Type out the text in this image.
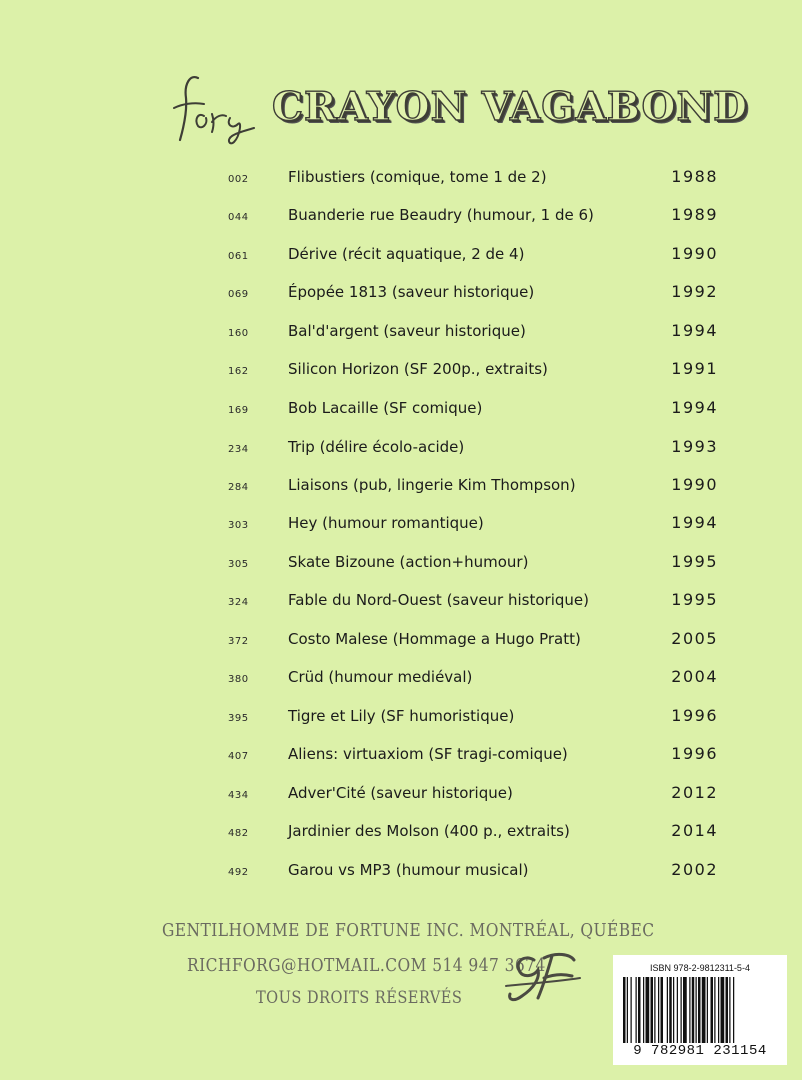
CRAYON VAGABOND
002	Flibustiers (comique, tome 1 de 2)	1988
044	Buanderie rue Beaudry (humour, 1 de 6)	1989
061	Dérive (récit aquatique, 2 de 4)	1990
069	Épopée 1813 (saveur historique)	1992
160	Bal'd'argent (saveur historique)	1994
162	Silicon Horizon (SF 200p., extraits)	1991
169	Bob Lacaille (SF comique)	1994
234	Trip (délire écolo-acide)	1993
284	Liaisons (pub, lingerie Kim Thompson)	1990
303	Hey (humour romantique)	1994
305	Skate Bizoune (action+humour)	1995
324	Fable du Nord-Ouest (saveur historique)	1995
372	Costo Malese (Hommage a Hugo Pratt)	2005
380	Crüd (humour mediéval)	2004
395	Tigre et Lily (SF humoristique)	1996
407	Aliens: virtuaxiom (SF tragi-comique)	1996
434	Adver'Cité (saveur historique)	2012
482	Jardinier des Molson (400 p., extraits)	2014
492	Garou vs MP3 (humour musical)	2002
GENTILHOMME DE FORTUNE INC. MONTRÉAL, QUÉBEC
RICHFORG@HOTMAIL.COM 514 947 3674
TOUS DROITS RÉSERVÉS
ISBN 978-2-9812311-5-4
9 782981 231154
